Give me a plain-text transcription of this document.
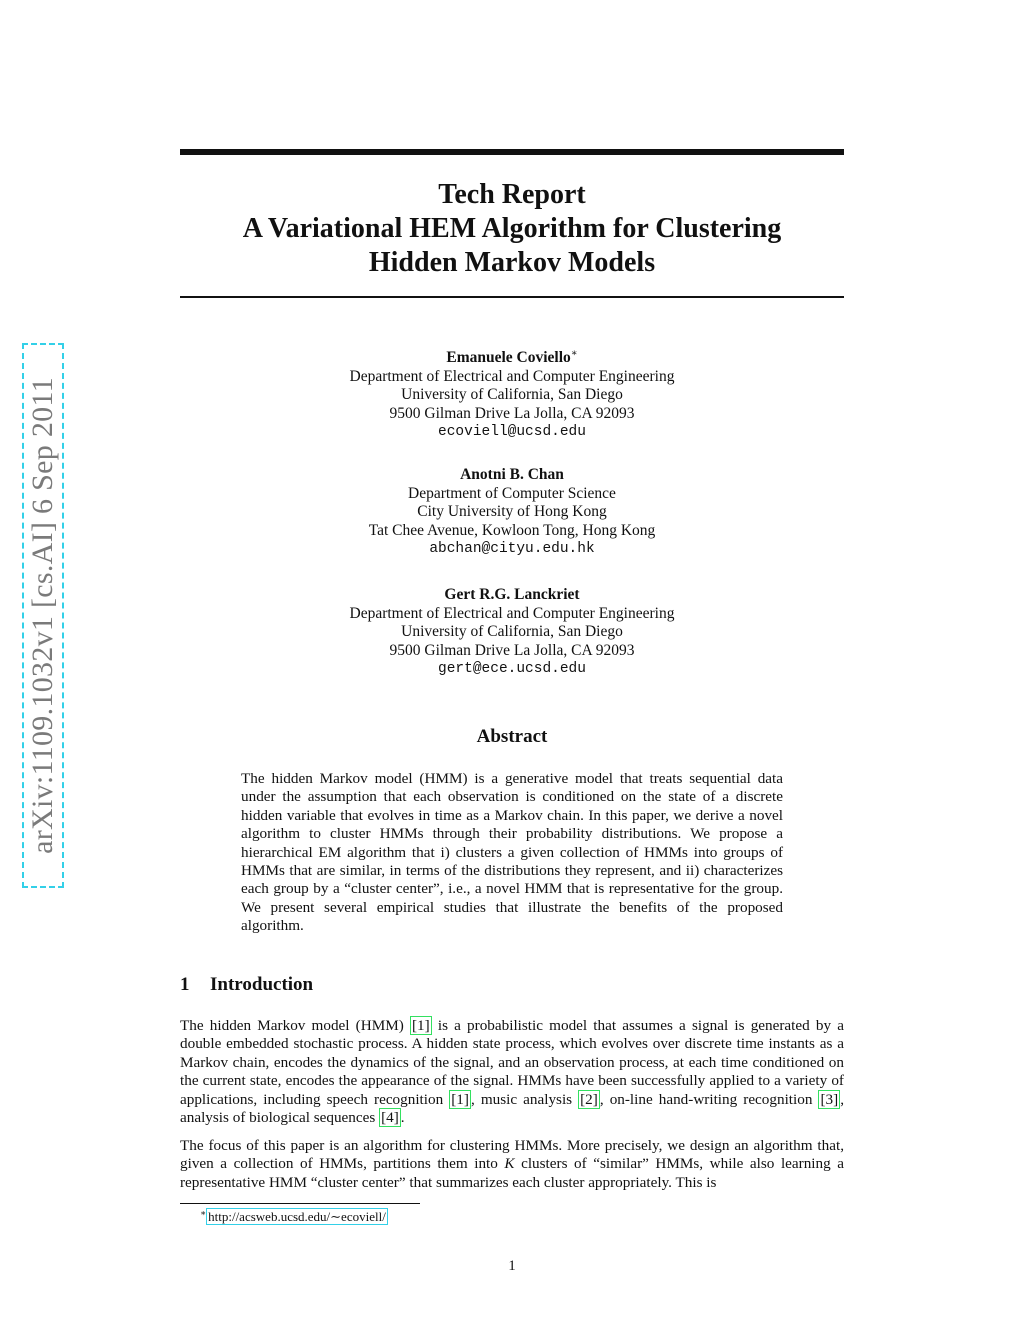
arXiv:1109.1032v1 [cs.AI] 6 Sep 2011
Tech Report
A Variational HEM Algorithm for Clustering
Hidden Markov Models
Emanuele Coviello∗
Department of Electrical and Computer Engineering
University of California, San Diego
9500 Gilman Drive La Jolla, CA 92093
ecoviell@ucsd.edu
Anotni B. Chan
Department of Computer Science
City University of Hong Kong
Tat Chee Avenue, Kowloon Tong, Hong Kong
abchan@cityu.edu.hk
Gert R.G. Lanckriet
Department of Electrical and Computer Engineering
University of California, San Diego
9500 Gilman Drive La Jolla, CA 92093
gert@ece.ucsd.edu
Abstract
The hidden Markov model (HMM) is a generative model that treats sequential data under the assumption that each observation is conditioned on the state of a discrete hidden variable that evolves in time as a Markov chain. In this paper, we derive a novel algorithm to cluster HMMs through their probability distributions. We propose a hierarchical EM algorithm that i) clusters a given collection of HMMs into groups of HMMs that are similar, in terms of the distributions they represent, and ii) characterizes each group by a “cluster center”, i.e., a novel HMM that is representative for the group. We present several empirical studies that illustrate the benefits of the proposed algorithm.
1 Introduction
The hidden Markov model (HMM) [1] is a probabilistic model that assumes a signal is generated by a double embedded stochastic process. A hidden state process, which evolves over discrete time instants as a Markov chain, encodes the dynamics of the signal, and an observation process, at each time conditioned on the current state, encodes the appearance of the signal. HMMs have been successfully applied to a variety of applications, including speech recognition [1] , music analysis [2] , on-line hand-writing recognition [3] , analysis of biological sequences [4] .
The focus of this paper is an algorithm for clustering HMMs. More precisely, we design an algorithm that, given a collection of HMMs, partitions them into K clusters of “similar” HMMs, while also learning a representative HMM “cluster center” that summarizes each cluster appropriately. This is
∗ http://acsweb.ucsd.edu/∼ecoviell/
1
